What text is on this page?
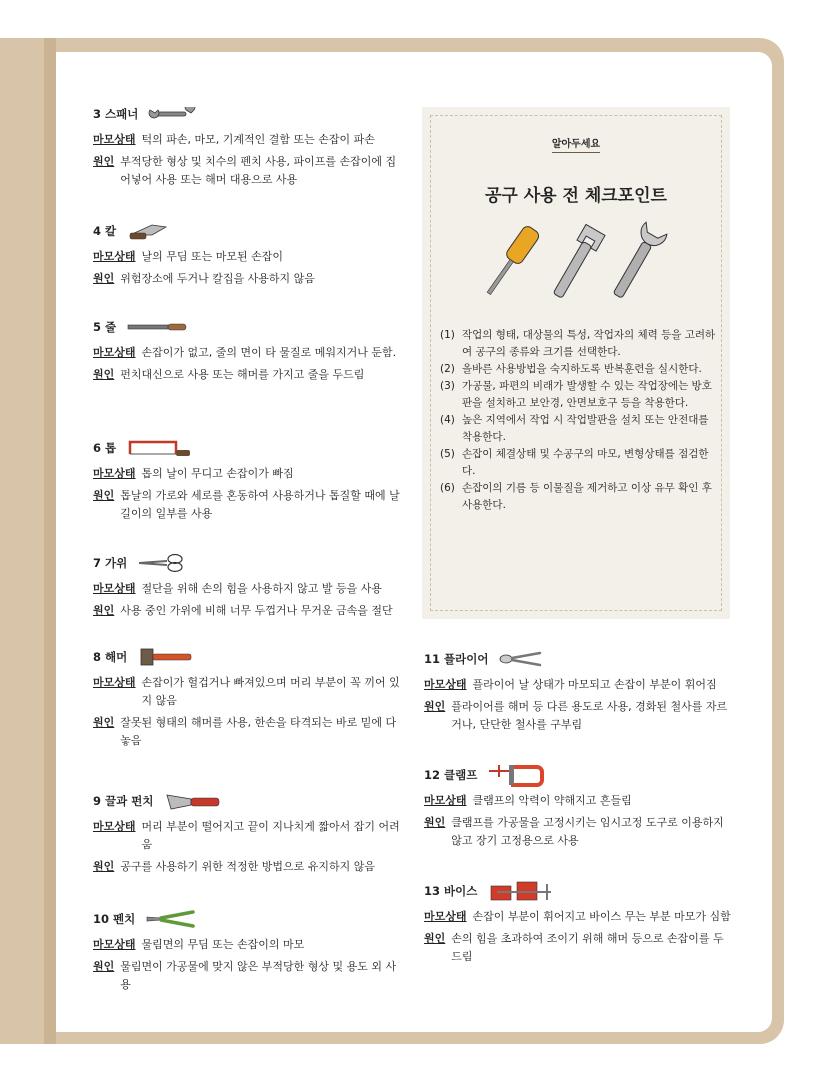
3 스패너
마모상태 턱의 파손, 마모, 기계적인 결함 또는 손잡이 파손
원인 부적당한 형상 및 치수의 펜치 사용, 파이프를 손잡이에 집어넣어 사용 또는 해머 대용으로 사용
4 칼
마모상태 날의 무딤 또는 마모된 손잡이
원인 위험장소에 두거나 칼집을 사용하지 않음
5 줄
마모상태 손잡이가 없고, 줄의 면이 타 물질로 메워지거나 둔함.
원인 펀치대신으로 사용 또는 해머를 가지고 줄을 두드림
6 톱
마모상태 톱의 날이 무디고 손잡이가 빠짐
원인 톱날의 가로와 세로를 혼동하여 사용하거나 톱질할 때에 날 길이의 일부를 사용
7 가위
마모상태 절단을 위해 손의 힘을 사용하지 않고 발 등을 사용
원인 사용 중인 가위에 비해 너무 두껍거나 무거운 금속을 절단
8 해머
마모상태 손잡이가 헐겁거나 빠져있으며 머리 부분이 꼭 끼어 있지 않음
원인 잘못된 형태의 해머를 사용, 한손을 타격되는 바로 밑에 다 놓음
9 끌과 펀치
마모상태 머리 부분이 떨어지고 끝이 지나치게 짧아서 잡기 어려움
원인 공구를 사용하기 위한 적정한 방법으로 유지하지 않음
10 펜치
마모상태 물림면의 무딤 또는 손잡이의 마모
원인 물림면이 가공물에 맞지 않은 부적당한 형상 및 용도 외 사용
알아두세요
공구 사용 전 체크포인트
(1) 작업의 형태, 대상물의 특성, 작업자의 체력 등을 고려하여 공구의 종류와 크기를 선택한다.
(2) 올바른 사용방법을 숙지하도록 반복훈련을 실시한다.
(3) 가공물, 파편의 비래가 발생할 수 있는 작업장에는 방호판을 설치하고 보안경, 안면보호구 등을 착용한다.
(4) 높은 지역에서 작업 시 작업발판을 설치 또는 안전대를 착용한다.
(5) 손잡이 체결상태 및 수공구의 마모, 변형상태를 점검한다.
(6) 손잡이의 기름 등 이물질을 제거하고 이상 유무 확인 후 사용한다.
11 플라이어
마모상태 플라이어 날 상태가 마모되고 손잡이 부분이 휘어짐
원인 플라이어를 해머 등 다른 용도로 사용, 경화된 철사를 자르거나, 단단한 철사를 구부림
12 클램프
마모상태 클램프의 악력이 약해지고 흔들림
원인 클램프를 가공물을 고정시키는 임시고정 도구로 이용하지 않고 장기 고정용으로 사용
13 바이스
마모상태 손잡이 부분이 휘어지고 바이스 무는 부분 마모가 심함
원인 손의 힘을 초과하여 조이기 위해 해머 등으로 손잡이를 두드림
